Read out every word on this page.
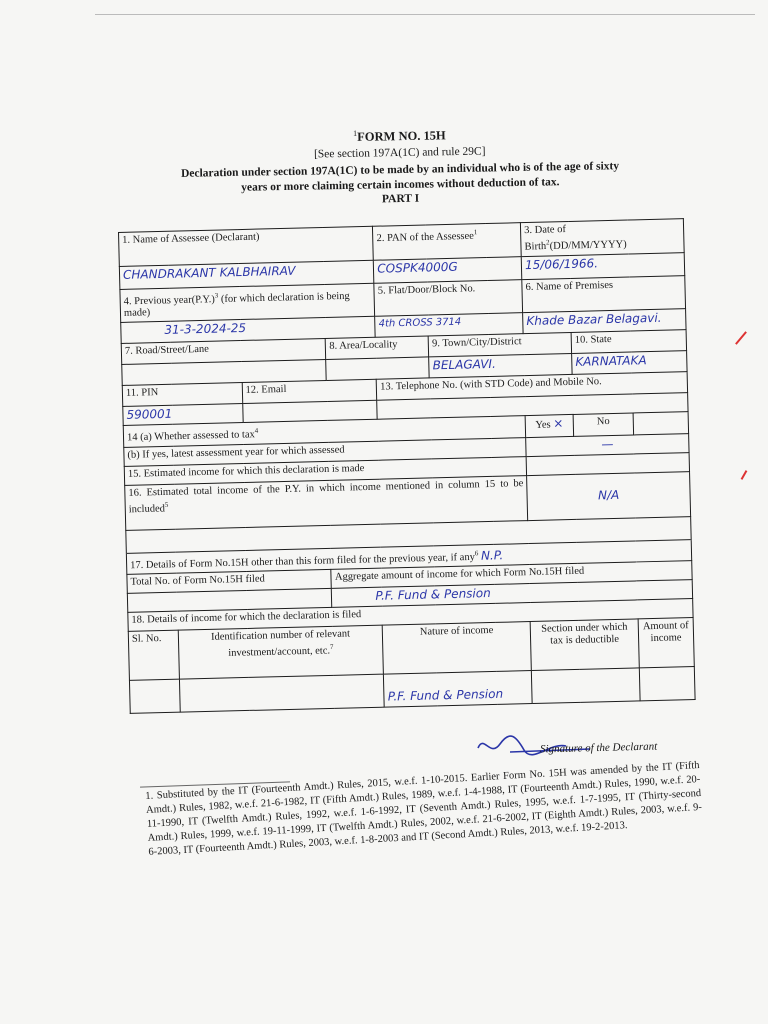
$^1$FORM NO. 15H
[See section 197A(1C) and rule 29C]
Declaration under section 197A(1C) to be made by an individual who is of the age of sixty
years or more claiming certain incomes without deduction of tax.
PART I
1. Name of Assessee (Declarant)				2. PAN of the Assessee$^1$		3. Date of
Birth$^2$(DD/MM/YYYY)		
CHANDRAKANT KALBHAIRAV				COSPK4000G		15/06/1966.		
4. Previous $year(P.Y.)^3$ (for which declaration is being made)				5. Flat/Door/Block No.		6. Name of Premises		
31-3-2024-25				4th CROSS 3714		Khade Bazar Belagavi.		
7. Road/Street/Lane			8. Area/Locality		9. Town/City/District		10. State	
					BELAGAVI.		KARNATAKA	
11. PIN		12. Email		13. Telephone No. (with STD Code) and Mobile No.				
590001								
14 (a) Whether assessed to tax$^4$						Yes ×	No	
(b) If yes, latest assessment year for which assessed						—		
15. Estimated income for which this declaration is made								
16. Estimated total income of the P.Y. in which income mentioned in column 15 to be included$^5$						N/A		

17. Details of Form No.15H other than this form filed for the previous year, if any$^6$ N.P.								
Total No. of Form No.15H filed			Aggregate amount of income for which Form No.15H filed					
			P.F. Fund & Pension					
18. Details of income for which the declaration is filed								
Sl. No.	Identification number of relevant investment/account, etc.$^7$			Nature of income		Section under which tax is deductible		Amount of income
				P.F. Fund & Pension				
Signature of the Declarant
1. Substituted by the IT (Fourteenth Amdt.) Rules, 2015, w.e.f. 1-10-2015. Earlier Form No. 15H was amended by the IT (Fifth Amdt.) Rules, 1982, w.e.f. 21-6-1982, IT (Fifth Amdt.) Rules, 1989, w.e.f. 1-4-1988, IT (Fourteenth Amdt.) Rules, 1990, w.e.f. 20-11-1990, IT (Twelfth Amdt.) Rules, 1992, w.e.f. 1-6-1992, IT (Seventh Amdt.) Rules, 1995, w.e.f. 1-7-1995, IT (Thirty-second Amdt.) Rules, 1999, w.e.f. 19-11-1999, IT (Twelfth Amdt.) Rules, 2002, w.e.f. 21-6-2002, IT (Eighth Amdt.) Rules, 2003, w.e.f. 9-6-2003, IT (Fourteenth Amdt.) Rules, 2003, w.e.f. 1-8-2003 and IT (Second Amdt.) Rules, 2013, w.e.f. 19-2-2013.
